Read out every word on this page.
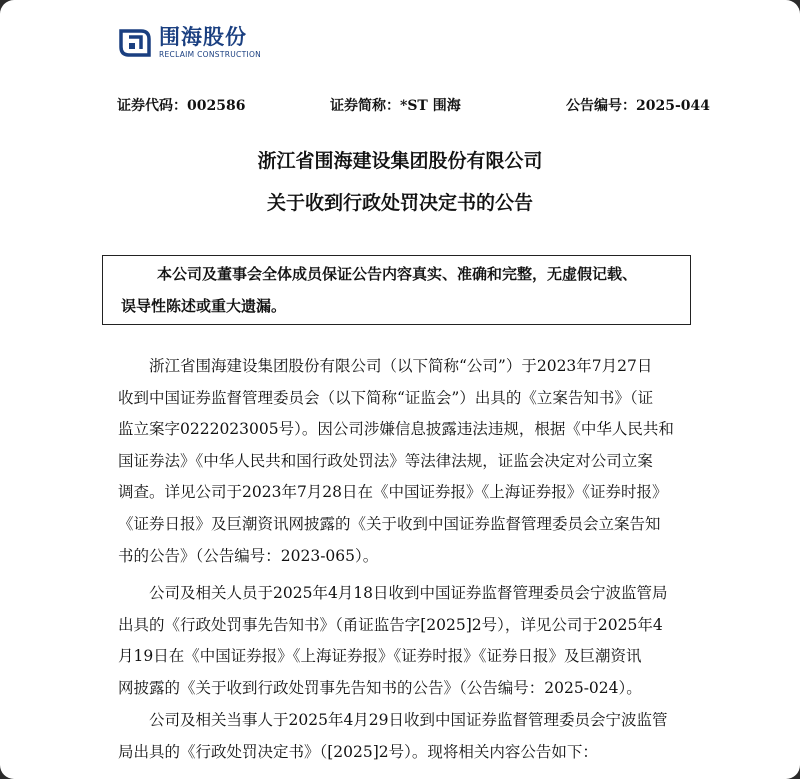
围海股份
RECLAIM CONSTRUCTION
证券代码：002586	证券简称：*ST 围海	公告编号：2025-044
浙江省围海建设集团股份有限公司
关于收到行政处罚决定书的公告
本公司及董事会全体成员保证公告内容真实、准确和完整，无虚假记载、
误导性陈述或重大遗漏。
浙江省围海建设集团股份有限公司（以下简称“公司”）于2023年7月27日
收到中国证券监督管理委员会（以下简称“证监会”）出具的《立案告知书》（证
监立案字0222023005号）。因公司涉嫌信息披露违法违规，根据《中华人民共和
国证券法》《中华人民共和国行政处罚法》等法律法规，证监会决定对公司立案
调查。详见公司于2023年7月28日在《中国证券报》《上海证券报》《证券时报》
《证券日报》及巨潮资讯网披露的《关于收到中国证券监督管理委员会立案告知
书的公告》（公告编号：2023-065）。
公司及相关人员于2025年4月18日收到中国证券监督管理委员会宁波监管局
出具的《行政处罚事先告知书》（甬证监告字[2025]2号），详见公司于2025年4
月19日在《中国证券报》《上海证券报》《证券时报》《证券日报》及巨潮资讯
网披露的《关于收到行政处罚事先告知书的公告》（公告编号：2025-024）。
公司及相关当事人于2025年4月29日收到中国证券监督管理委员会宁波监管
局出具的《行政处罚决定书》（[2025]2号）。现将相关内容公告如下：
